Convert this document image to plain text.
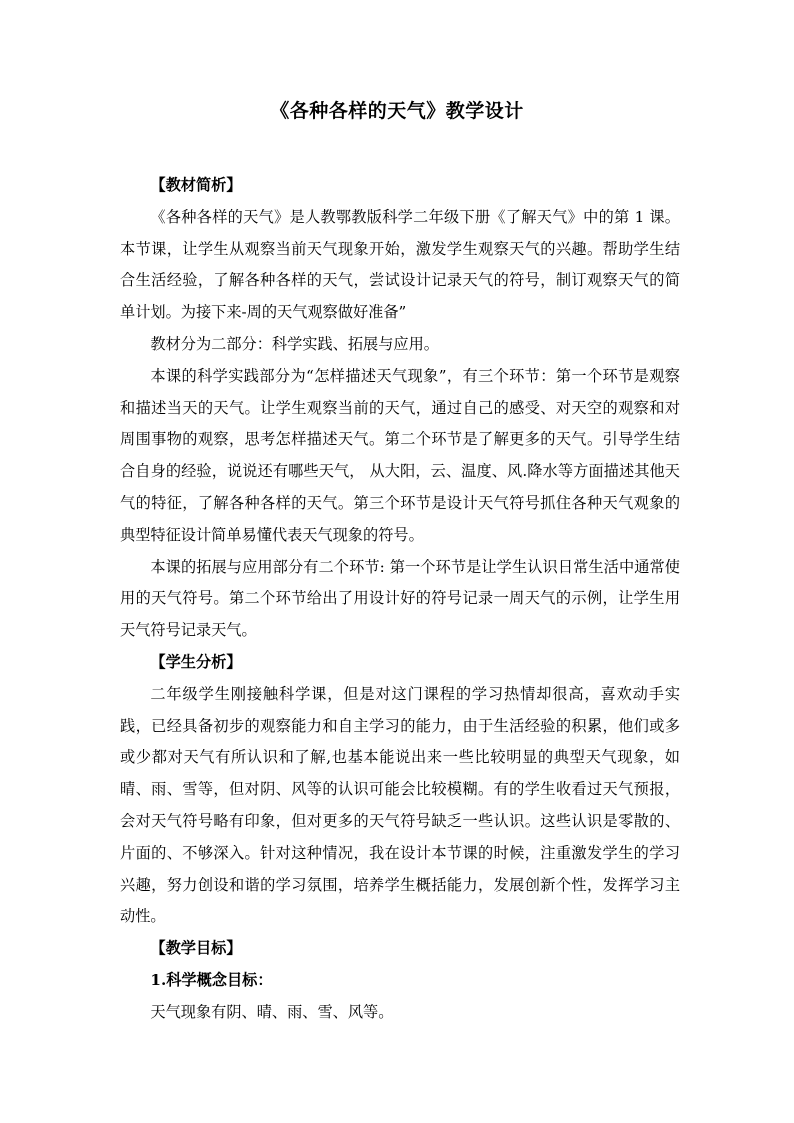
《各种各样的天气》教学设计
【教材简析】

《各种各样的天气》是人教鄂教版科学二年级下册《了解天气》中的第 1 课。本节课，让学生从观察当前天气现象开始，激发学生观察天气的兴趣。帮助学生结合生活经验，了解各种各样的天气，尝试设计记录天气的符号，制订观察天气的简单计划。为接下来-周的天气观察做好准备”

教材分为二部分：科学实践、拓展与应用。

本课的科学实践部分为“怎样描述天气现象”，有三个环节：第一个环节是观察和描述当天的天气。让学生观察当前的天气，通过自己的感受、对天空的观察和对周围事物的观察，思考怎样描述天气。第二个环节是了解更多的天气。引导学生结合自身的经验，说说还有哪些天气， 从大阳，云、温度、风.降水等方面描述其他天气的特征，了解各种各样的天气。第三个环节是设计天气符号抓住各种天气观象的典型特征设计简单易懂代表天气现象的符号。

本课的拓展与应用部分有二个环节: 第一个环节是让学生认识日常生活中通常使用的天气符号。第二个环节给出了用设计好的符号记录一周天气的示例，让学生用天气符号记录天气。

【学生分析】

二年级学生刚接触科学课，但是对这门课程的学习热情却很高，喜欢动手实践，已经具备初步的观察能力和自主学习的能力，由于生活经验的积累，他们或多或少都对天气有所认识和了解,也基本能说出来一些比较明显的典型天气现象，如晴、雨、雪等，但对阴、风等的认识可能会比较模糊。有的学生收看过天气预报，会对天气符号略有印象，但对更多的天气符号缺乏一些认识。这些认识是零散的、片面的、不够深入。针对这种情况，我在设计本节课的时候，注重激发学生的学习兴趣，努力创设和谐的学习氛围，培养学生概括能力，发展创新个性，发挥学习主动性。

【教学目标】
1.科学概念目标：

天气现象有阴、晴、雨、雪、风等。
